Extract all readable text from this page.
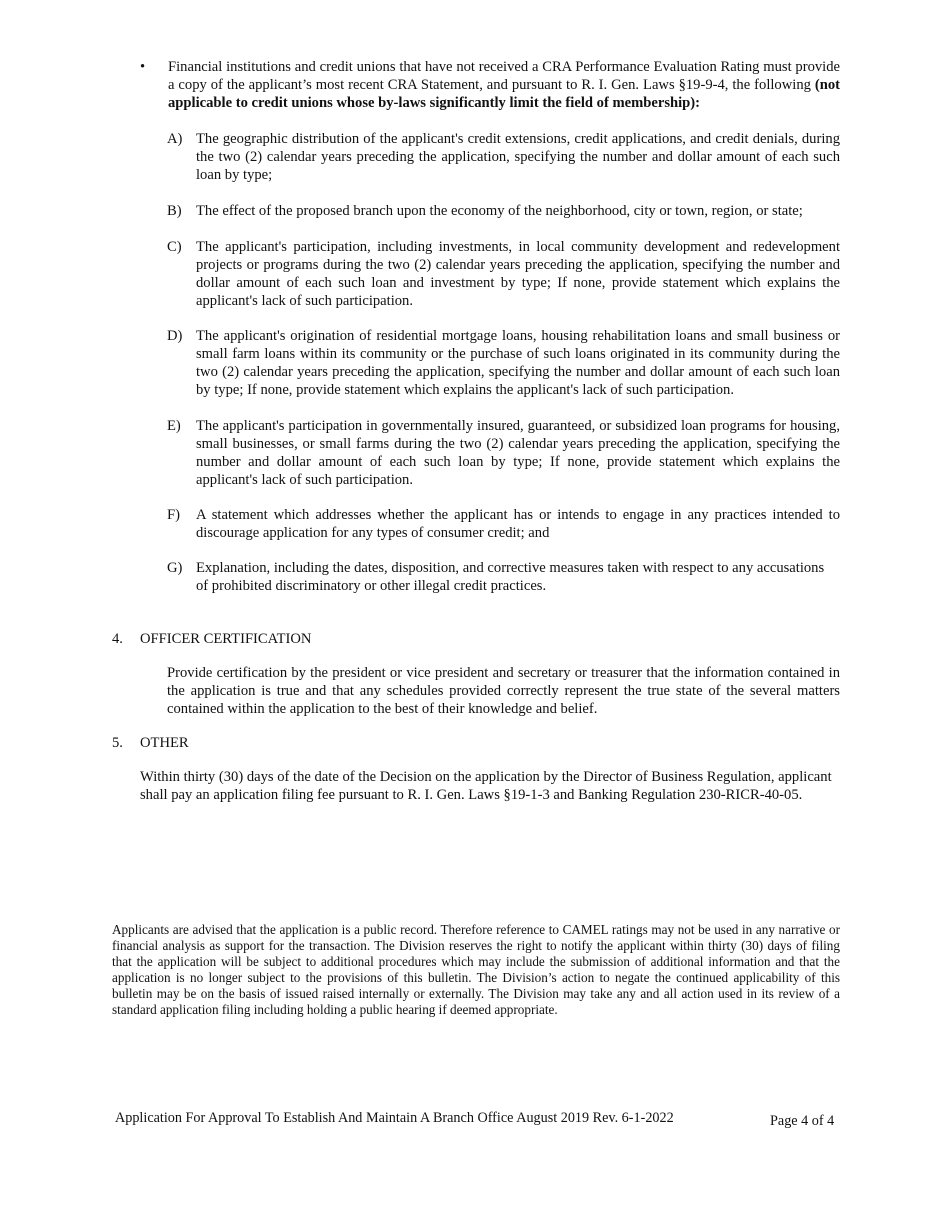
• Financial institutions and credit unions that have not received a CRA Performance Evaluation Rating must provide a copy of the applicant’s most recent CRA Statement, and pursuant to R. I. Gen. Laws §19-9-4, the following (not applicable to credit unions whose by-laws significantly limit the field of membership):
A) The geographic distribution of the applicant's credit extensions, credit applications, and credit denials, during the two (2) calendar years preceding the application, specifying the number and dollar amount of each such loan by type;
B) The effect of the proposed branch upon the economy of the neighborhood, city or town, region, or state;
C) The applicant's participation, including investments, in local community development and redevelopment projects or programs during the two (2) calendar years preceding the application, specifying the number and dollar amount of each such loan and investment by type; If none, provide statement which explains the applicant's lack of such participation.
D) The applicant's origination of residential mortgage loans, housing rehabilitation loans and small business or small farm loans within its community or the purchase of such loans originated in its community during the two (2) calendar years preceding the application, specifying the number and dollar amount of each such loan by type; If none, provide statement which explains the applicant's lack of such participation.
E) The applicant's participation in governmentally insured, guaranteed, or subsidized loan programs for housing, small businesses, or small farms during the two (2) calendar years preceding the application, specifying the number and dollar amount of each such loan by type; If none, provide statement which explains the applicant's lack of such participation.
F) A statement which addresses whether the applicant has or intends to engage in any practices intended to discourage application for any types of consumer credit; and
G) Explanation, including the dates, disposition, and corrective measures taken with respect to any accusations
of prohibited discriminatory or other illegal credit practices.
4. OFFICER CERTIFICATION
Provide certification by the president or vice president and secretary or treasurer that the information contained in the application is true and that any schedules provided correctly represent the true state of the several matters contained within the application to the best of their knowledge and belief.
5. OTHER
Within thirty (30) days of the date of the Decision on the application by the Director of Business Regulation, applicant shall pay an application filing fee pursuant to R. I. Gen. Laws §19-1-3 and Banking Regulation 230-RICR-40-05.
Applicants are advised that the application is a public record. Therefore reference to CAMEL ratings may not be used in any narrative or financial analysis as support for the transaction. The Division reserves the right to notify the applicant within thirty (30) days of filing that the application will be subject to additional procedures which may include the submission of additional information and that the application is no longer subject to the provisions of this bulletin. The Division’s action to negate the continued applicability of this bulletin may be on the basis of issued raised internally or externally. The Division may take any and all action used in its review of a standard application filing including holding a public hearing if deemed appropriate.
Application For Approval To Establish And Maintain A Branch Office August 2019 Rev. 6-1-2022	Page 4 of 4
